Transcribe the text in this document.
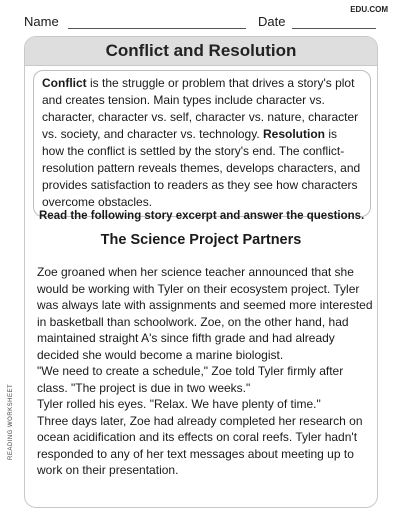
EDU.COM
Name	Date
Conflict and Resolution
Conflict is the struggle or problem that drives a story's plot and creates tension. Main types include character vs. character, character vs. self, character vs. nature, character vs. society, and character vs. technology. Resolution is how the conflict is settled by the story's end. The conflict-resolution pattern reveals themes, develops characters, and provides satisfaction to readers as they see how characters overcome obstacles.
Read the following story excerpt and answer the questions.
The Science Project Partners

Zoe groaned when her science teacher announced that she would be working with Tyler on their ecosystem project. Tyler was always late with assignments and seemed more interested in basketball than schoolwork. Zoe, on the other hand, had maintained straight A's since fifth grade and had already decided she would become a marine biologist.

"We need to create a schedule," Zoe told Tyler firmly after class. "The project is due in two weeks."

Tyler rolled his eyes. "Relax. We have plenty of time."

Three days later, Zoe had already completed her research on ocean acidification and its effects on coral reefs. Tyler hadn't responded to any of her text messages about meeting up to work on their presentation.

READING WORKSHEET
